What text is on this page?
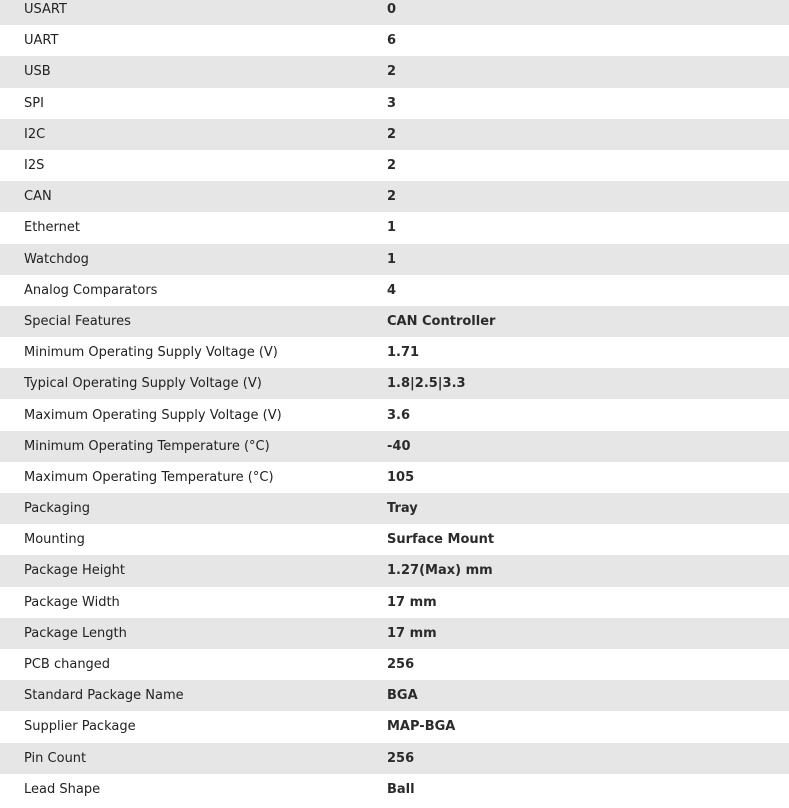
USART	0
UART	6
USB	2
SPI	3
I2C	2
I2S	2
CAN	2
Ethernet	1
Watchdog	1
Analog Comparators	4
Special Features	CAN Controller
Minimum Operating Supply Voltage (V)	1.71
Typical Operating Supply Voltage (V)	1.8|2.5|3.3
Maximum Operating Supply Voltage (V)	3.6
Minimum Operating Temperature (°C)	-40
Maximum Operating Temperature (°C)	105
Packaging	Tray
Mounting	Surface Mount
Package Height	1.27(Max) mm
Package Width	17 mm
Package Length	17 mm
PCB changed	256
Standard Package Name	BGA
Supplier Package	MAP-BGA
Pin Count	256
Lead Shape	Ball
